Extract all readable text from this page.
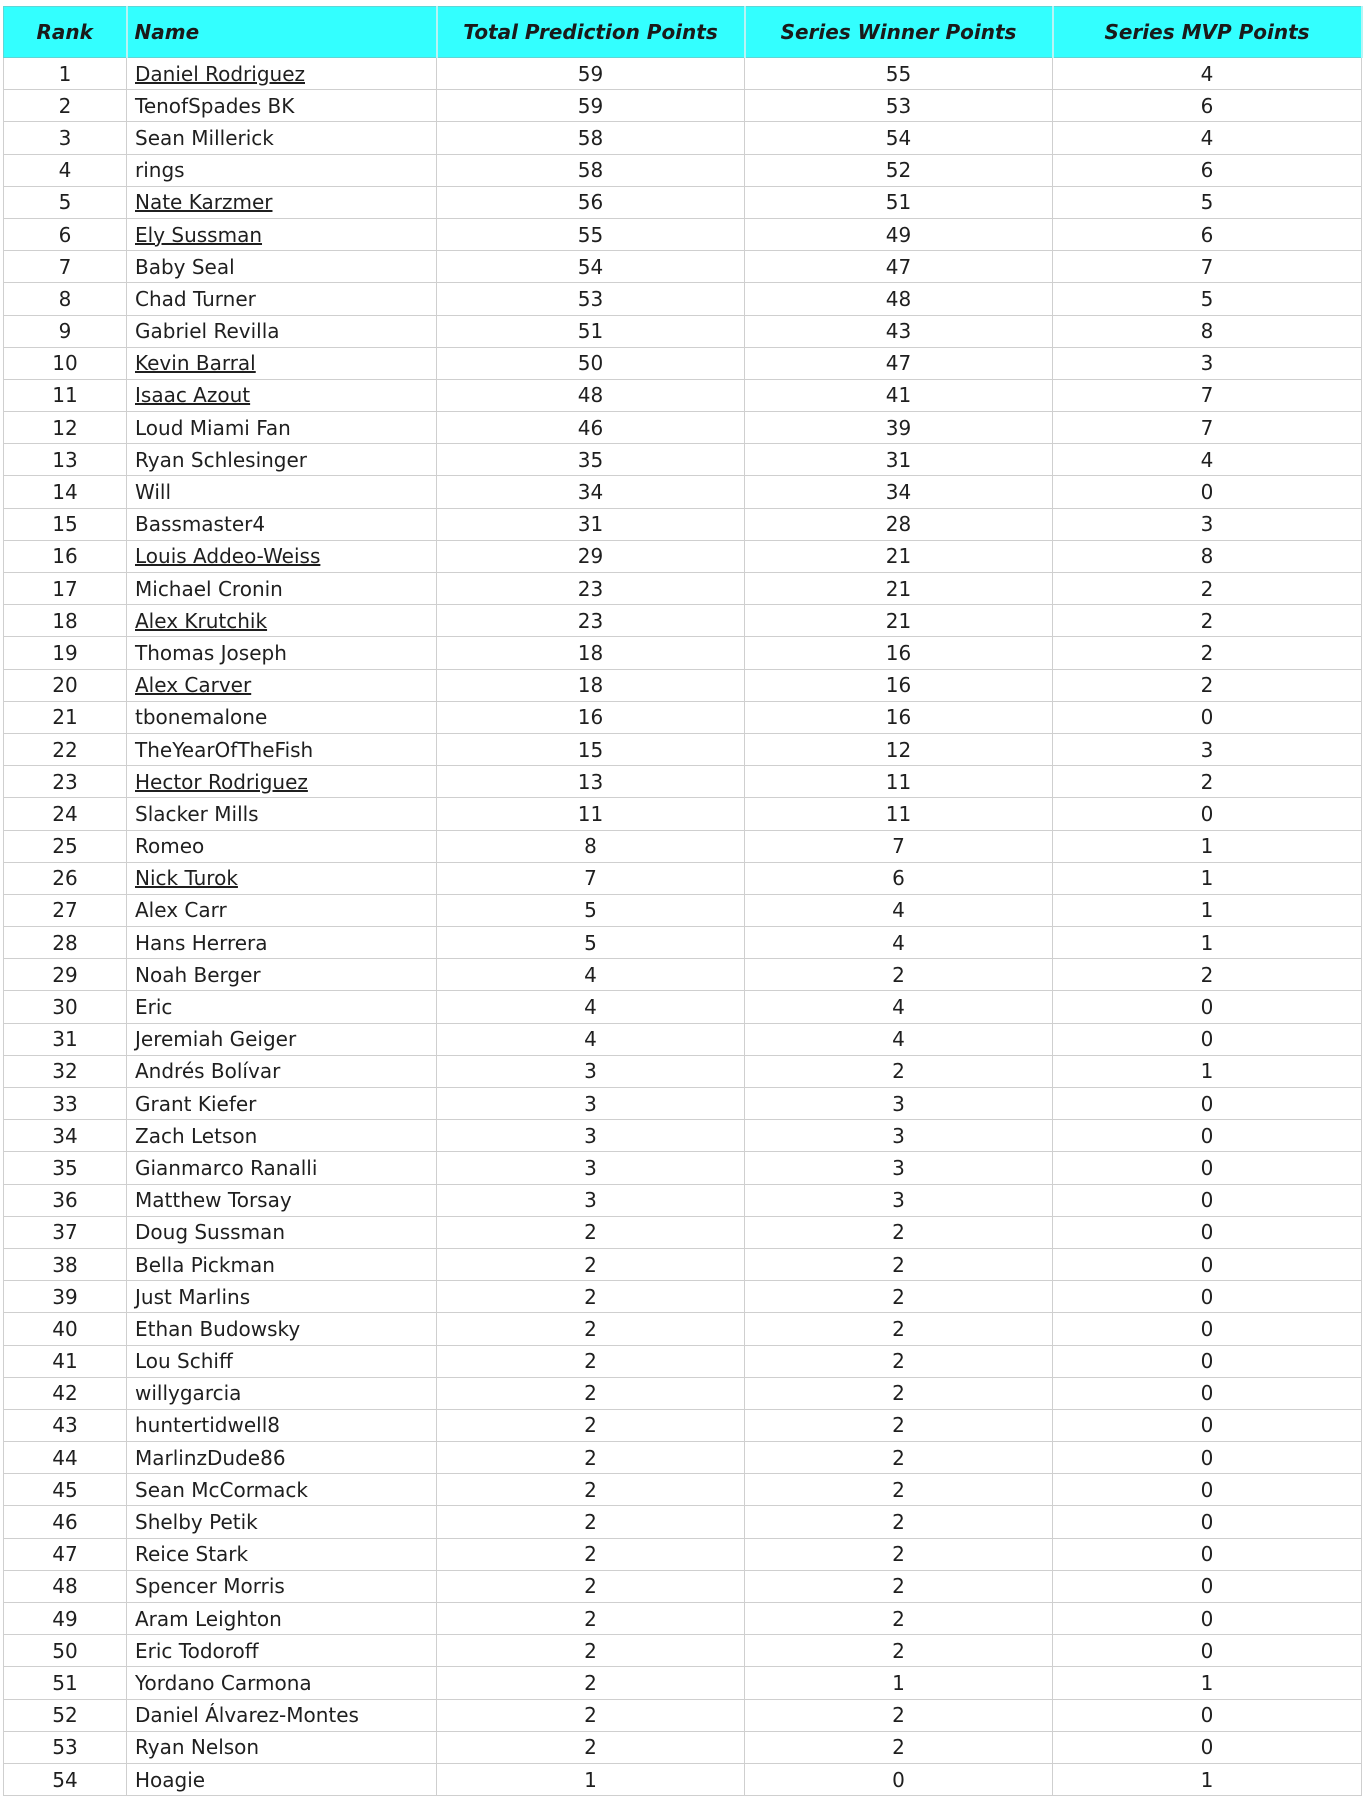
Rank	Name	Total Prediction Points	Series Winner Points	Series MVP Points
1	Daniel Rodriguez	59	55	4
2	TenofSpades BK	59	53	6
3	Sean Millerick	58	54	4
4	rings	58	52	6
5	Nate Karzmer	56	51	5
6	Ely Sussman	55	49	6
7	Baby Seal	54	47	7
8	Chad Turner	53	48	5
9	Gabriel Revilla	51	43	8
10	Kevin Barral	50	47	3
11	Isaac Azout	48	41	7
12	Loud Miami Fan	46	39	7
13	Ryan Schlesinger	35	31	4
14	Will	34	34	0
15	Bassmaster4	31	28	3
16	Louis Addeo-Weiss	29	21	8
17	Michael Cronin	23	21	2
18	Alex Krutchik	23	21	2
19	Thomas Joseph	18	16	2
20	Alex Carver	18	16	2
21	tbonemalone	16	16	0
22	TheYearOfTheFish	15	12	3
23	Hector Rodriguez	13	11	2
24	Slacker Mills	11	11	0
25	Romeo	8	7	1
26	Nick Turok	7	6	1
27	Alex Carr	5	4	1
28	Hans Herrera	5	4	1
29	Noah Berger	4	2	2
30	Eric	4	4	0
31	Jeremiah Geiger	4	4	0
32	Andrés Bolívar	3	2	1
33	Grant Kiefer	3	3	0
34	Zach Letson	3	3	0
35	Gianmarco Ranalli	3	3	0
36	Matthew Torsay	3	3	0
37	Doug Sussman	2	2	0
38	Bella Pickman	2	2	0
39	Just Marlins	2	2	0
40	Ethan Budowsky	2	2	0
41	Lou Schiff	2	2	0
42	willygarcia	2	2	0
43	huntertidwell8	2	2	0
44	MarlinzDude86	2	2	0
45	Sean McCormack	2	2	0
46	Shelby Petik	2	2	0
47	Reice Stark	2	2	0
48	Spencer Morris	2	2	0
49	Aram Leighton	2	2	0
50	Eric Todoroff	2	2	0
51	Yordano Carmona	2	1	1
52	Daniel Álvarez-Montes	2	2	0
53	Ryan Nelson	2	2	0
54	Hoagie	1	0	1
